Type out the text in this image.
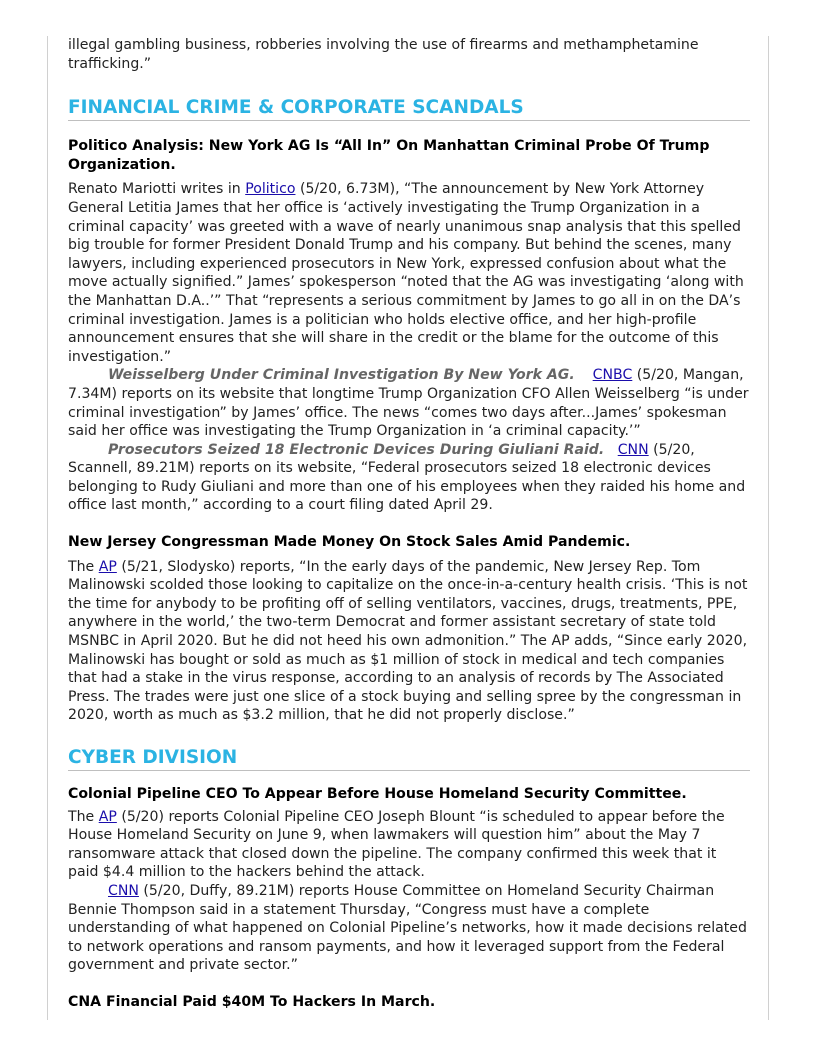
illegal gambling business, robberies involving the use of firearms and methamphetamine trafficking.”

FINANCIAL CRIME & CORPORATE SCANDALS
Politico Analysis: New York AG Is “All In” On Manhattan Criminal Probe Of Trump Organization.

Renato Mariotti writes in Politico (5/20, 6.73M), “The announcement by New York Attorney General Letitia James that her office is ‘actively investigating the Trump Organization in a criminal capacity’ was greeted with a wave of nearly unanimous snap analysis that this spelled big trouble for former President Donald Trump and his company. But behind the scenes, many lawyers, including experienced prosecutors in New York, expressed confusion about what the move actually signified.” James’ spokesperson “noted that the AG was investigating ‘along with the Manhattan D.A..’” That “represents a serious commitment by James to go all in on the DA’s criminal investigation. James is a politician who holds elective office, and her high-profile announcement ensures that she will share in the credit or the blame for the outcome of this investigation.”

Weisselberg Under Criminal Investigation By New York AG. CNBC (5/20, Mangan, 7.34M) reports on its website that longtime Trump Organization CFO Allen Weisselberg “is under criminal investigation” by James’ office. The news “comes two days after...James’ spokesman said her office was investigating the Trump Organization in ‘a criminal capacity.’”

Prosecutors Seized 18 Electronic Devices During Giuliani Raid. CNN (5/20, Scannell, 89.21M) reports on its website, “Federal prosecutors seized 18 electronic devices belonging to Rudy Giuliani and more than one of his employees when they raided his home and office last month,” according to a court filing dated April 29.

New Jersey Congressman Made Money On Stock Sales Amid Pandemic.

The AP (5/21, Slodysko) reports, “In the early days of the pandemic, New Jersey Rep. Tom Malinowski scolded those looking to capitalize on the once-in-a-century health crisis. ‘This is not the time for anybody to be profiting off of selling ventilators, vaccines, drugs, treatments, PPE, anywhere in the world,’ the two-term Democrat and former assistant secretary of state told MSNBC in April 2020. But he did not heed his own admonition.” The AP adds, “Since early 2020, Malinowski has bought or sold as much as $1 million of stock in medical and tech companies that had a stake in the virus response, according to an analysis of records by The Associated Press. The trades were just one slice of a stock buying and selling spree by the congressman in 2020, worth as much as $3.2 million, that he did not properly disclose.”

CYBER DIVISION
Colonial Pipeline CEO To Appear Before House Homeland Security Committee.

The AP (5/20) reports Colonial Pipeline CEO Joseph Blount “is scheduled to appear before the House Homeland Security on June 9, when lawmakers will question him” about the May 7 ransomware attack that closed down the pipeline. The company confirmed this week that it paid $4.4 million to the hackers behind the attack.

CNN (5/20, Duffy, 89.21M) reports House Committee on Homeland Security Chairman Bennie Thompson said in a statement Thursday, “Congress must have a complete understanding of what happened on Colonial Pipeline’s networks, how it made decisions related to network operations and ransom payments, and how it leveraged support from the Federal government and private sector.”

CNA Financial Paid $40M To Hackers In March.
